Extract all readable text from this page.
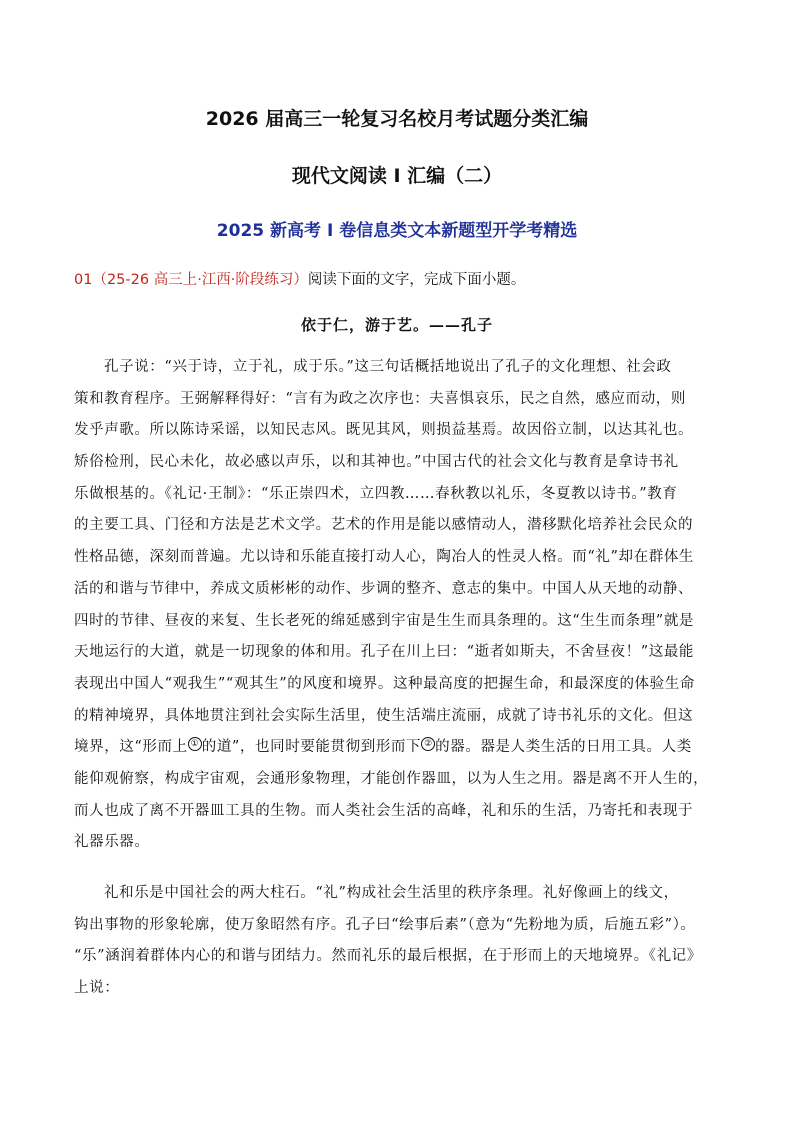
2026 届高三一轮复习名校月考试题分类汇编
现代文阅读 I 汇编（二）
2025 新高考 I 卷信息类文本新题型开学考精选
01（25-26 高三上·江西·阶段练习）阅读下面的文字，完成下面小题。
依于仁，游于艺。——孔子
孔子说：“兴于诗，立于礼，成于乐。”这三句话概括地说出了孔子的文化理想、社会政
策和教育程序。王弼解释得好：“言有为政之次序也：夫喜惧哀乐，民之自然，感应而动，则
发乎声歌。所以陈诗采谣，以知民志风。既见其风，则损益基焉。故因俗立制，以达其礼也。
矫俗检刑，民心未化，故必感以声乐，以和其神也。”中国古代的社会文化与教育是拿诗书礼
乐做根基的。《礼记·王制》：“乐正崇四术，立四教……春秋教以礼乐，冬夏教以诗书。”教育
的主要工具、门径和方法是艺术文学。艺术的作用是能以感情动人，潜移默化培养社会民众的
性格品德，深刻而普遍。尤以诗和乐能直接打动人心，陶冶人的性灵人格。而“礼”却在群体生
活的和谐与节律中，养成文质彬彬的动作、步调的整齐、意志的集中。中国人从天地的动静、
四时的节律、昼夜的来复、生长老死的绵延感到宇宙是生生而具条理的。这“生生而条理”就是
天地运行的大道，就是一切现象的体和用。孔子在川上曰：“逝者如斯夫，不舍昼夜！”这最能
表现出中国人“观我生”“观其生”的风度和境界。这种最高度的把握生命，和最深度的体验生命
的精神境界，具体地贯注到社会实际生活里，使生活端庄流丽，成就了诗书礼乐的文化。但这
境界，这“形而上 ① 的道”，也同时要能贯彻到形而下 ② 的器。器是人类生活的日用工具。人类
能仰观俯察，构成宇宙观，会通形象物理，才能创作器皿，以为人生之用。器是离不开人生的，
而人也成了离不开器皿工具的生物。而人类社会生活的高峰，礼和乐的生活，乃寄托和表现于
礼器乐器。
礼和乐是中国社会的两大柱石。“礼”构成社会生活里的秩序条理。礼好像画上的线文，
钩出事物的形象轮廓，使万象昭然有序。孔子曰“绘事后素”（意为“先粉地为质，后施五彩”）。
“乐”涵润着群体内心的和谐与团结力。然而礼乐的最后根据，在于形而上的天地境界。《礼记》
上说：
